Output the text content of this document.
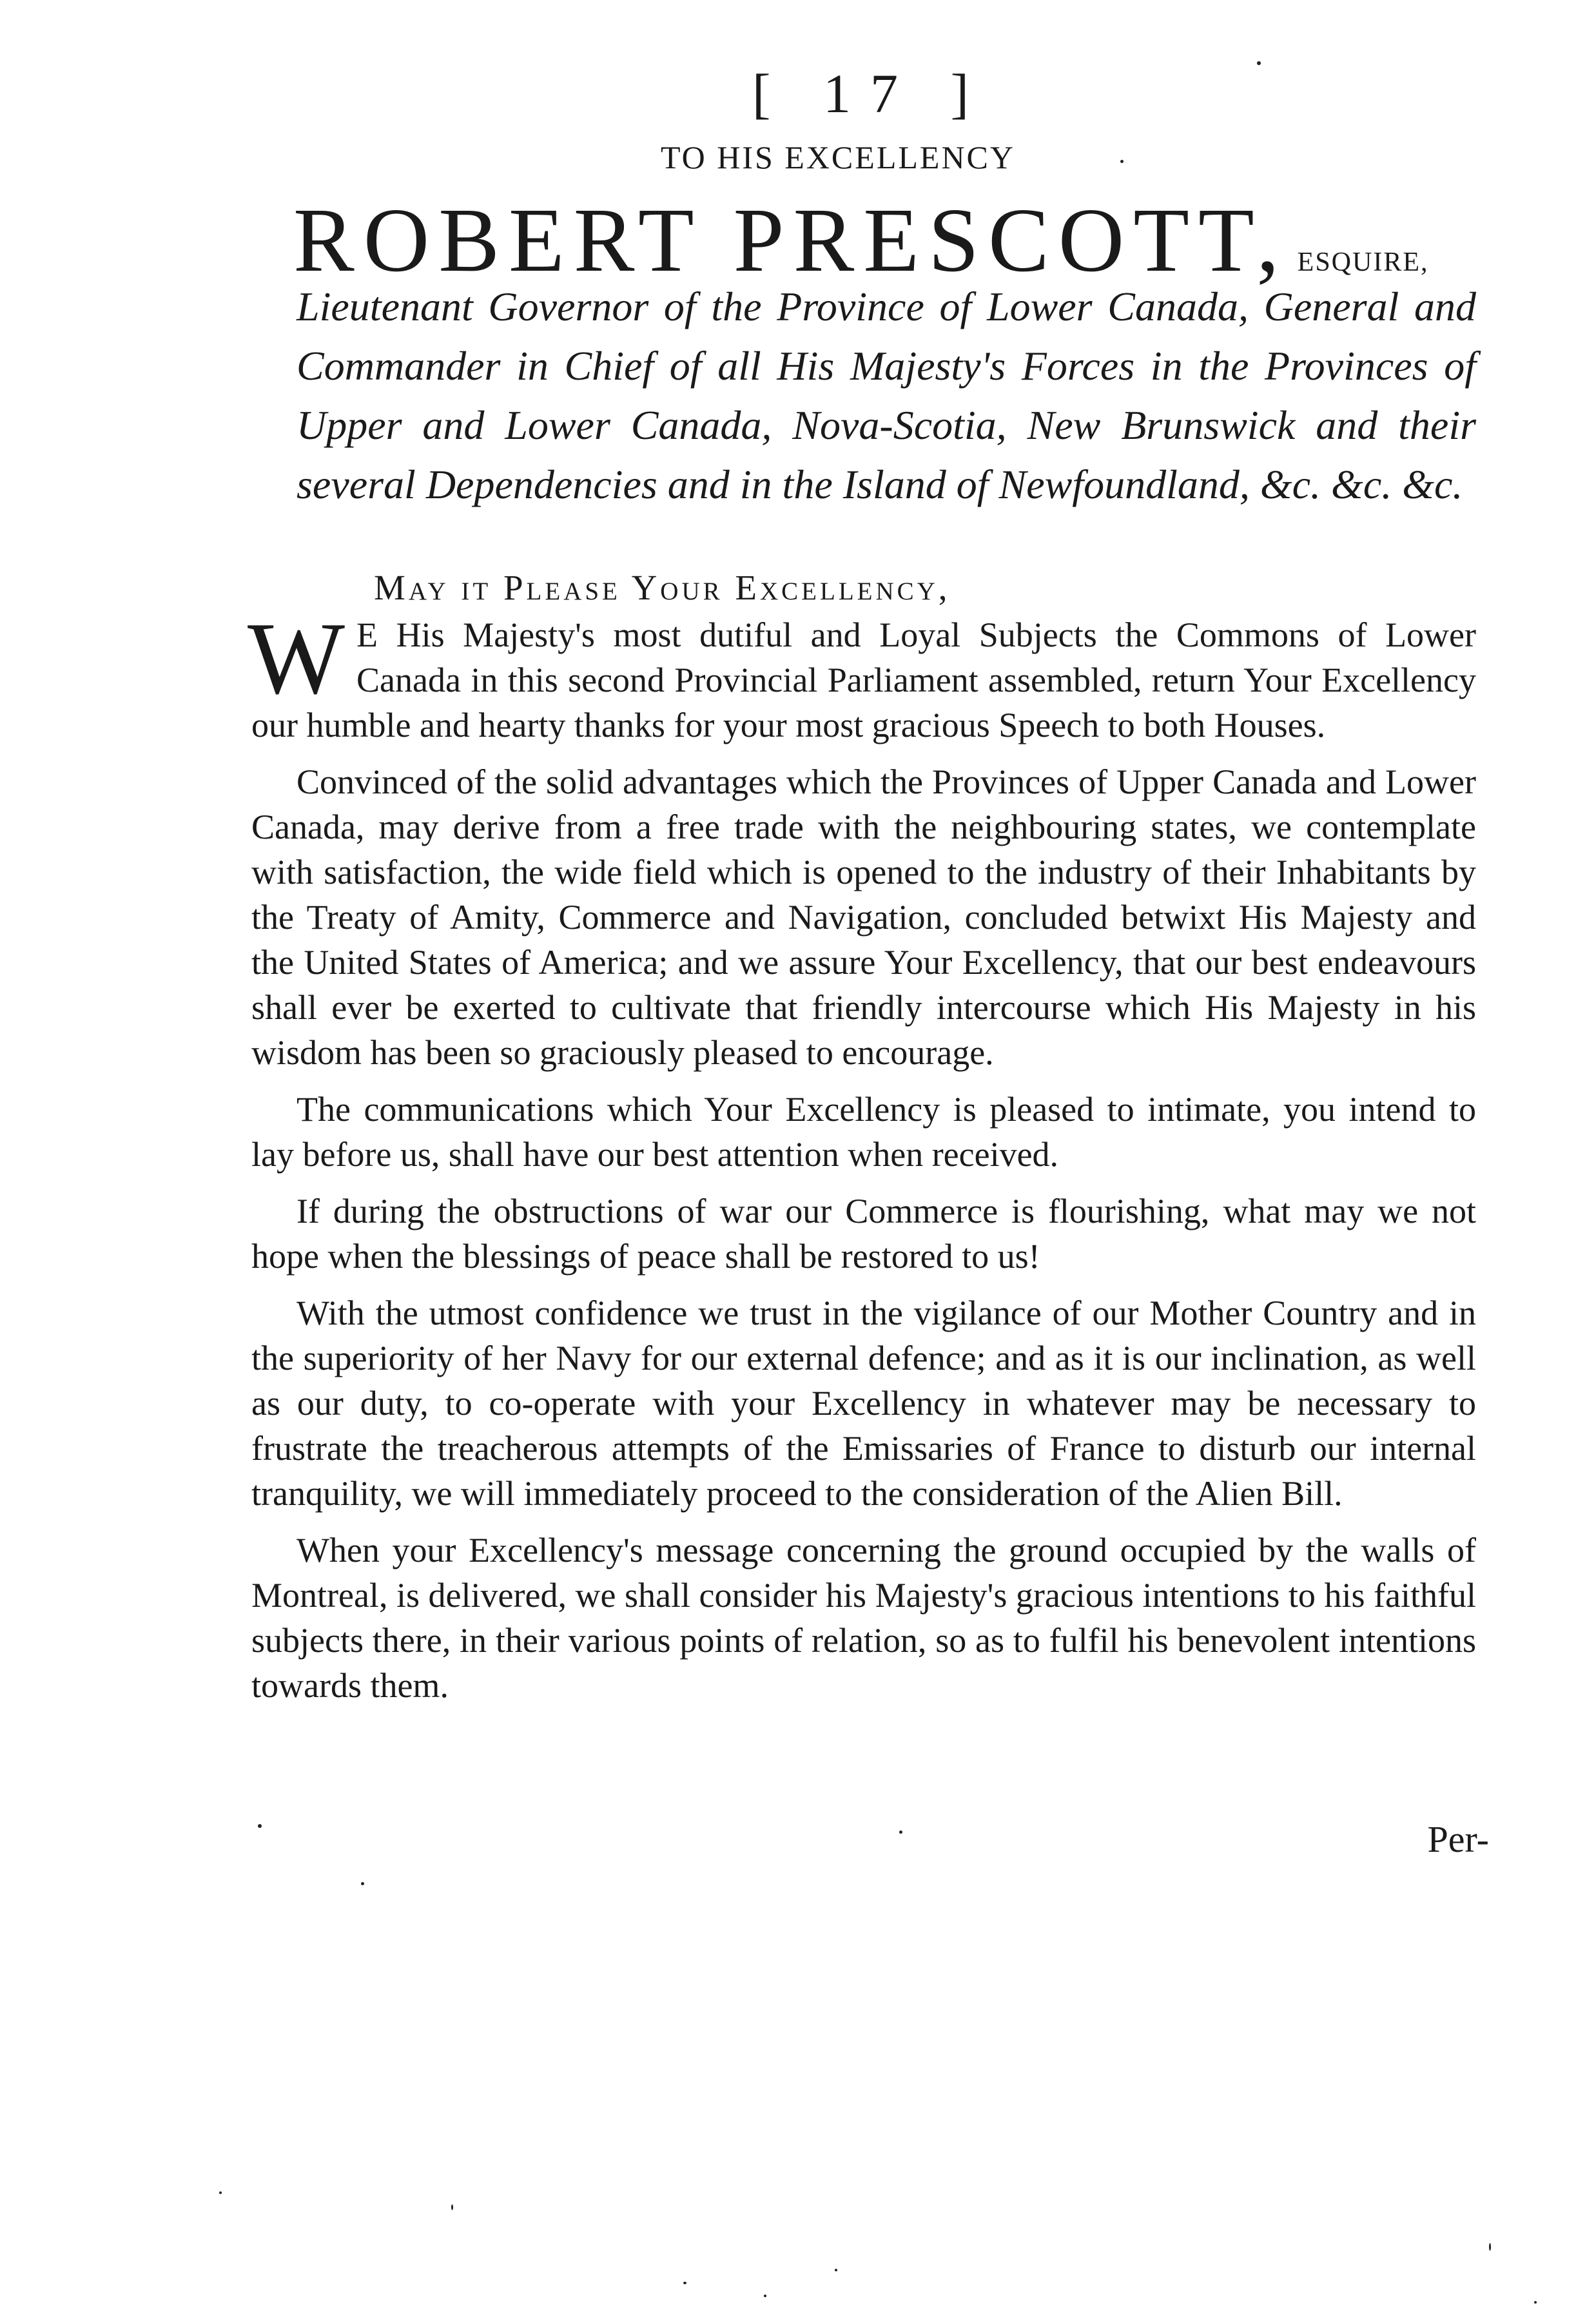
[ 17 ]
TO HIS EXCELLENCY
ROBERT PRESCOTT, ESQUIRE,
Lieutenant Governor of the Province of Lower Canada, General and Commander in Chief of all His Majesty's Forces in the Provinces of Upper and Lower Canada, Nova-Scotia, New Brunswick and their several Dependencies and in the Island of Newfoundland, &c. &c. &c.
May it Please Your Excellency,

W E His Majesty's most dutiful and Loyal Subjects the Commons of Lower Canada in this second Provincial Parliament assembled, return Your Excellency our humble and hearty thanks for your most gracious Speech to both Houses.

Convinced of the solid advantages which the Provinces of Upper Canada and Lower Canada, may derive from a free trade with the neighbouring states, we contemplate with satisfaction, the wide field which is opened to the industry of their Inhabitants by the Treaty of Amity, Commerce and Navigation, concluded betwixt His Majesty and the United States of America; and we assure Your Excellency, that our best endeavours shall ever be exerted to cultivate that friendly intercourse which His Majesty in his wisdom has been so graciously pleased to encourage.

The communications which Your Excellency is pleased to intimate, you intend to lay before us, shall have our best attention when received.

If during the obstructions of war our Commerce is flourishing, what may we not hope when the blessings of peace shall be restored to us!

With the utmost confidence we trust in the vigilance of our Mother Country and in the superiority of her Navy for our external defence; and as it is our inclination, as well as our duty, to co-operate with your Excellency in whatever may be necessary to frustrate the treacherous attempts of the Emissaries of France to disturb our internal tranquility, we will immediately proceed to the consideration of the Alien Bill.

When your Excellency's message concerning the ground occupied by the walls of Montreal, is delivered, we shall consider his Majesty's gracious intentions to his faithful subjects there, in their various points of relation, so as to fulfil his benevolent intentions towards them.

Per-
